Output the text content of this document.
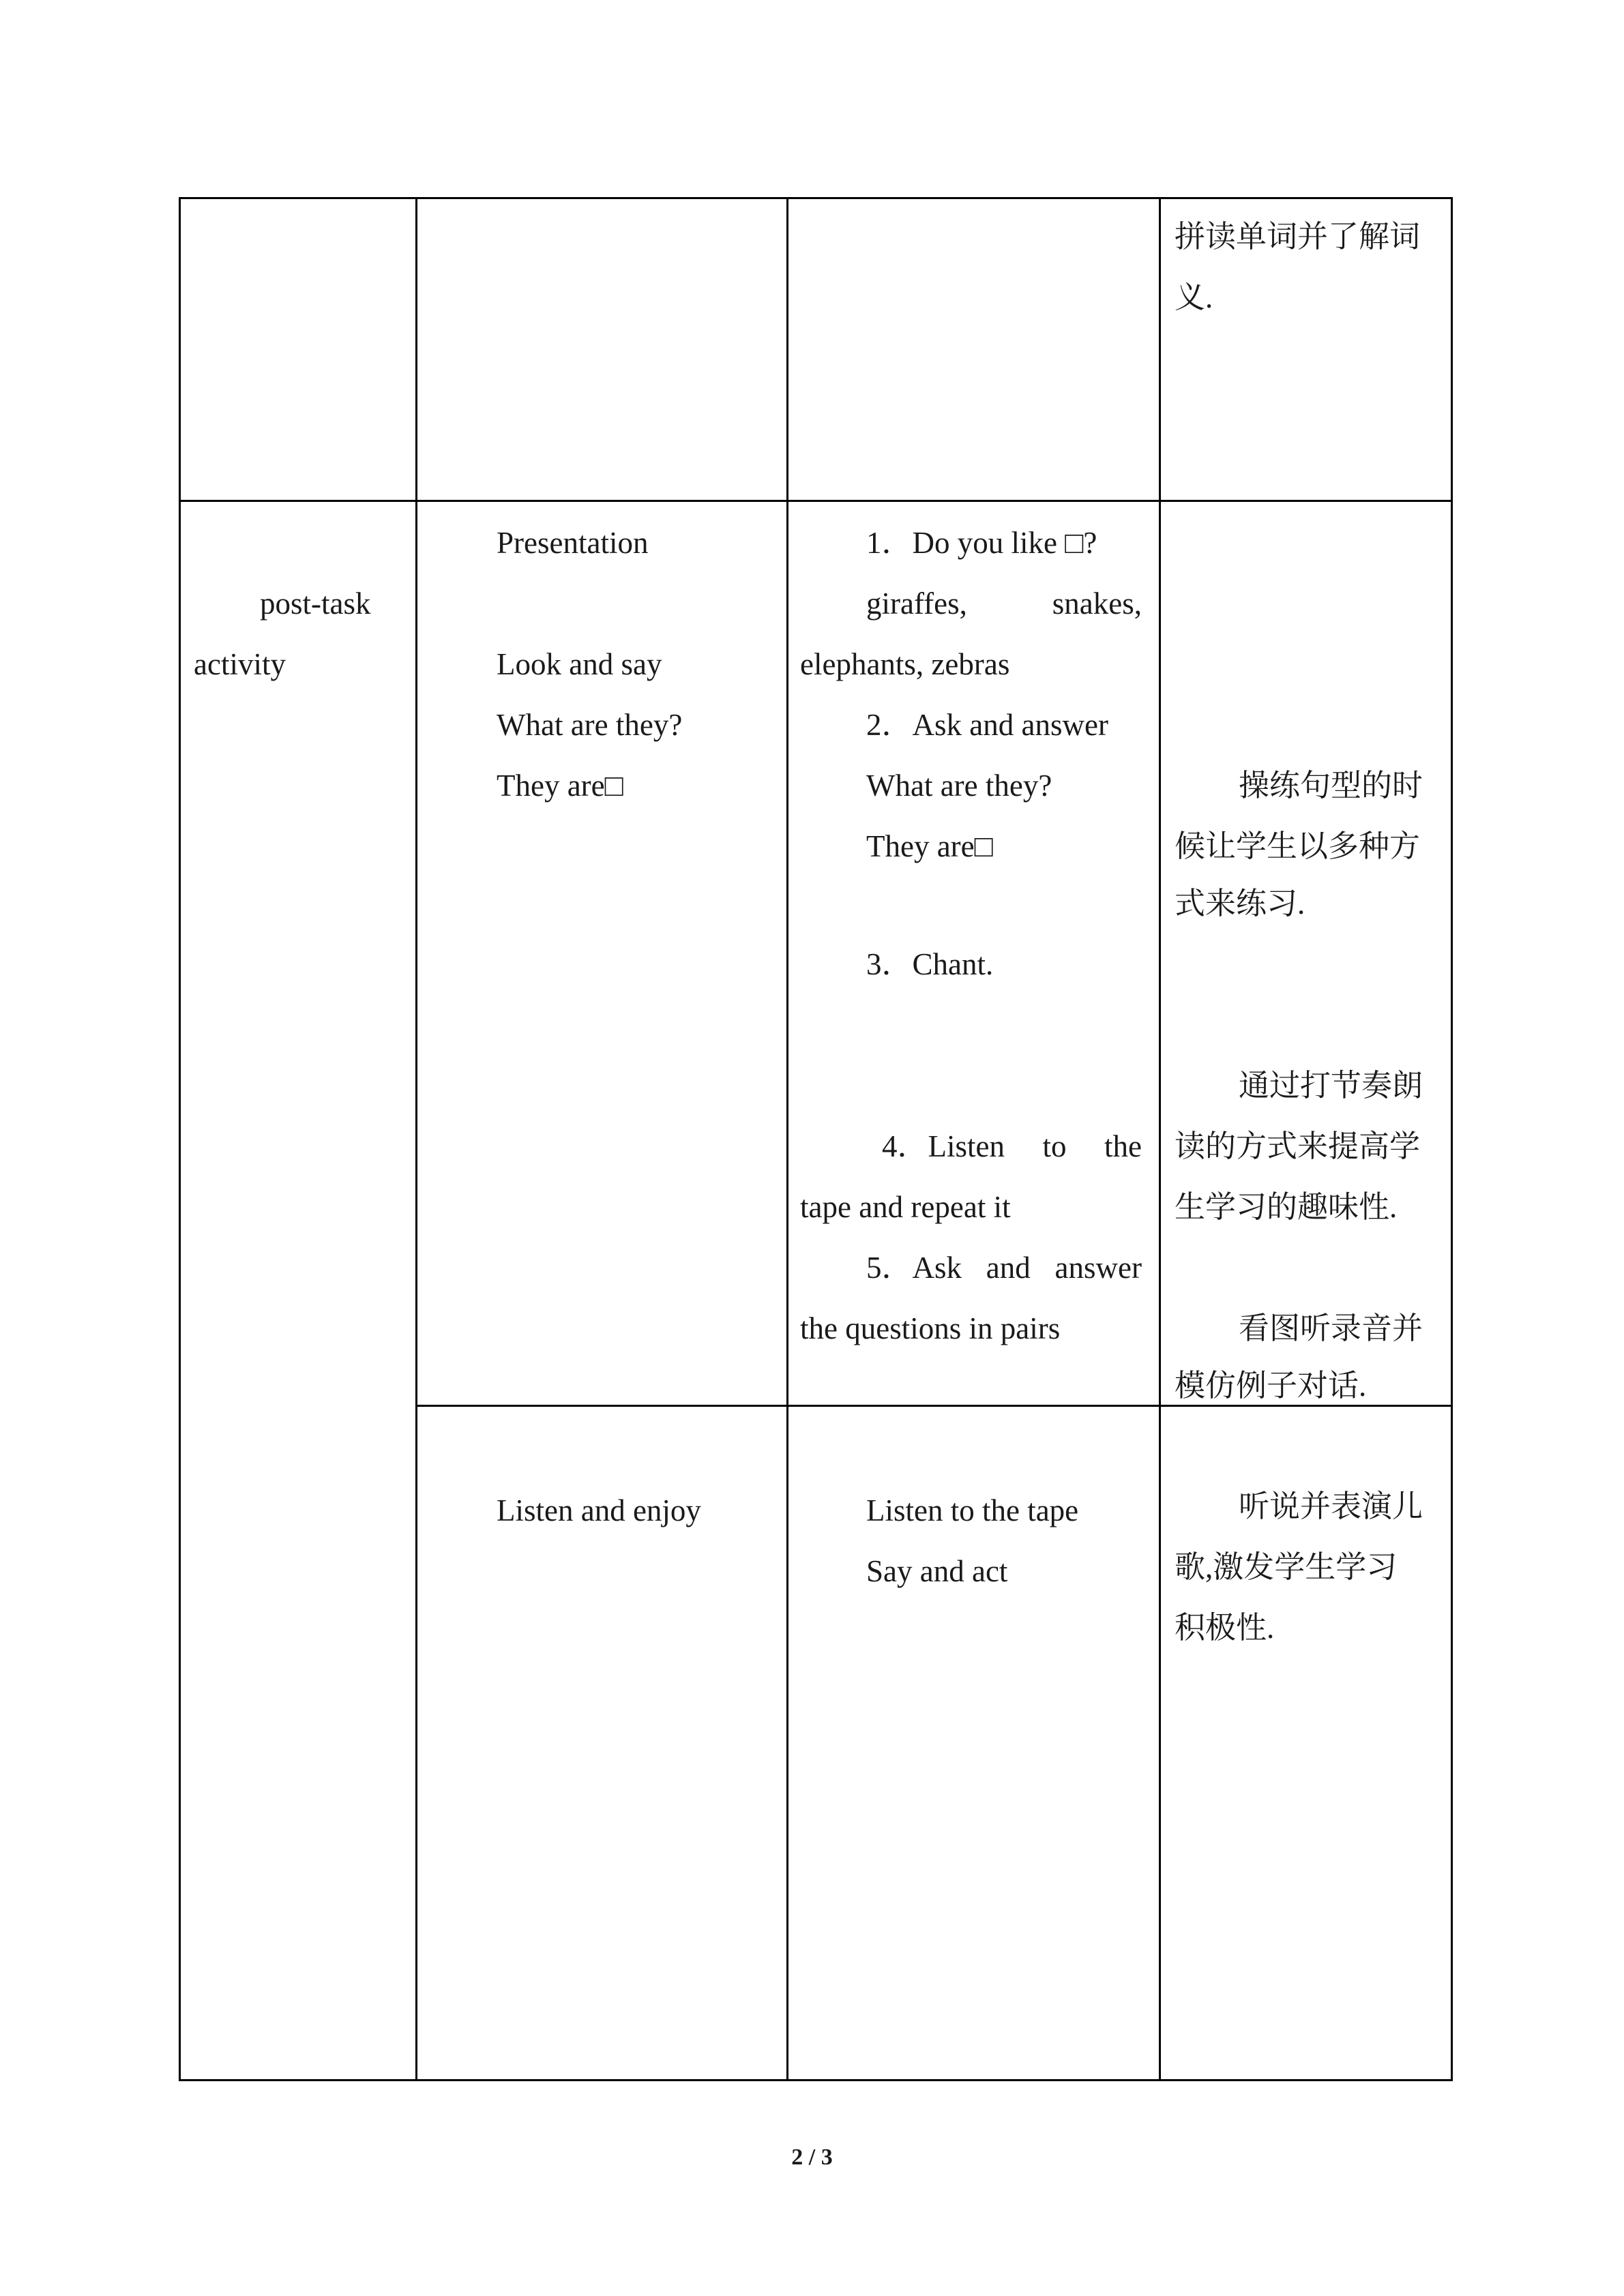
拼读单词并了解词
义.
post-task
activity
Presentation
Look and say
What are they?
They are□
1．Do you like □?
giraffes,	snakes,
elephants, zebras
2．Ask and answer
What are they?
They are□
3．Chant.
4．Listen to the
tape and repeat it
5．Ask and answer
the questions in pairs
操练句型的时
候让学生以多种方
式来练习.
通过打节奏朗
读的方式来提高学
生学习的趣味性.
看图听录音并
模仿例子对话.
Listen and enjoy	Listen to the tape
Say and act
听说并表演儿
歌,激发学生学习
积极性.
2 / 3
